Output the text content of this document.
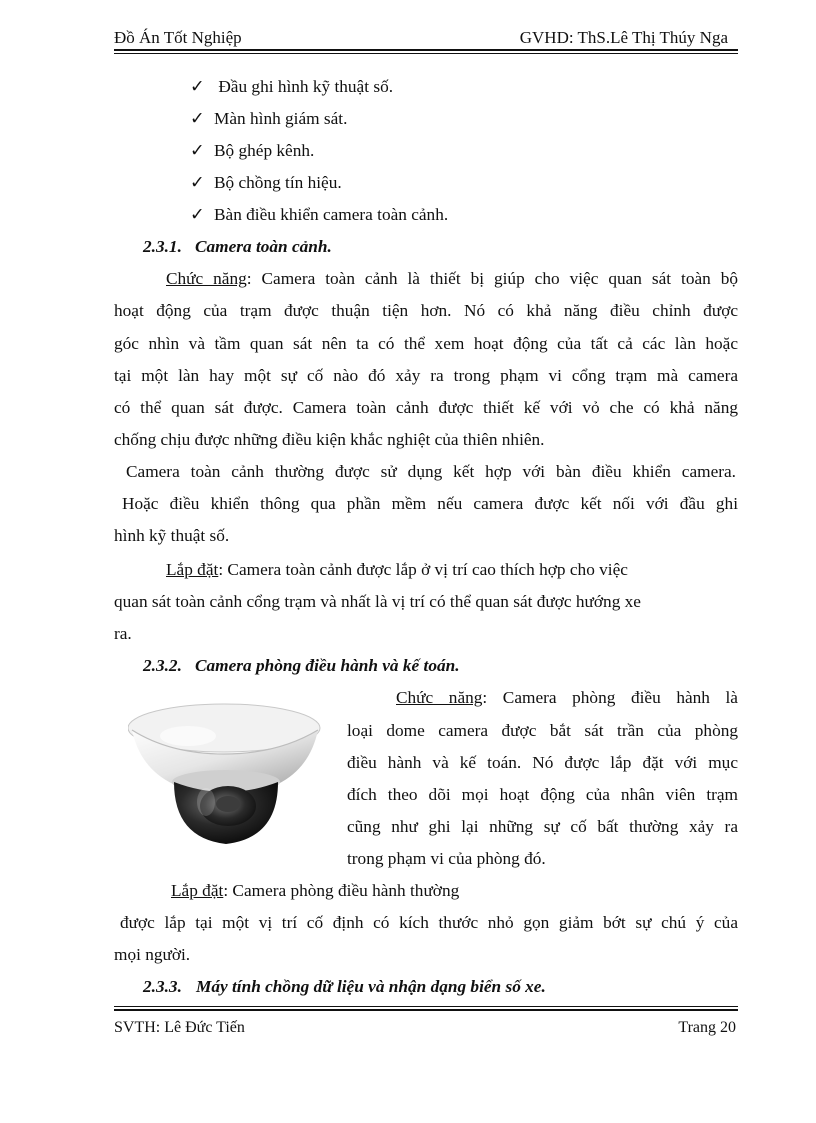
Đồ Án Tốt Nghiệp	GVHD: ThS.Lê Thị Thúy Nga
✓ Đầu ghi hình kỹ thuật số.
✓ Màn hình giám sát.
✓ Bộ ghép kênh.
✓ Bộ chồng tín hiệu.
✓ Bàn điều khiển camera toàn cảnh.
2.3.1. Camera toàn cảnh.
Chức năng: Camera toàn cảnh là thiết bị giúp cho việc quan sát toàn bộ
hoạt động của trạm được thuận tiện hơn. Nó có khả năng điều chỉnh được
góc nhìn và tầm quan sát nên ta có thể xem hoạt động của tất cả các làn hoặc
tại một làn hay một sự cố nào đó xảy ra trong phạm vi cổng trạm mà camera
có thể quan sát được. Camera toàn cảnh được thiết kế với vỏ che có khả năng
chống chịu được những điều kiện khắc nghiệt của thiên nhiên.
Camera toàn cảnh thường được sử dụng kết hợp với bàn điều khiển camera.
Hoặc điều khiển thông qua phần mềm nếu camera được kết nối với đầu ghi
hình kỹ thuật số.
Lắp đặt: Camera toàn cảnh được lắp ở vị trí cao thích hợp cho việc
quan sát toàn cảnh cổng trạm và nhất là vị trí có thể quan sát được hướng xe
ra.
2.3.2. Camera phòng điều hành và kế toán.
Chức năng: Camera phòng điều hành là
loại dome camera được bắt sát trần của phòng
điều hành và kế toán. Nó được lắp đặt với mục
đích theo dõi mọi hoạt động của nhân viên trạm
cũng như ghi lại những sự cố bất thường xảy ra
trong phạm vi của phòng đó.
Lắp đặt: Camera phòng điều hành thường
được lắp tại một vị trí cố định có kích thước nhỏ gọn giảm bớt sự chú ý của
mọi người.
2.3.3. Máy tính chồng dữ liệu và nhận dạng biển số xe.
SVTH: Lê Đức Tiến	Trang 20
